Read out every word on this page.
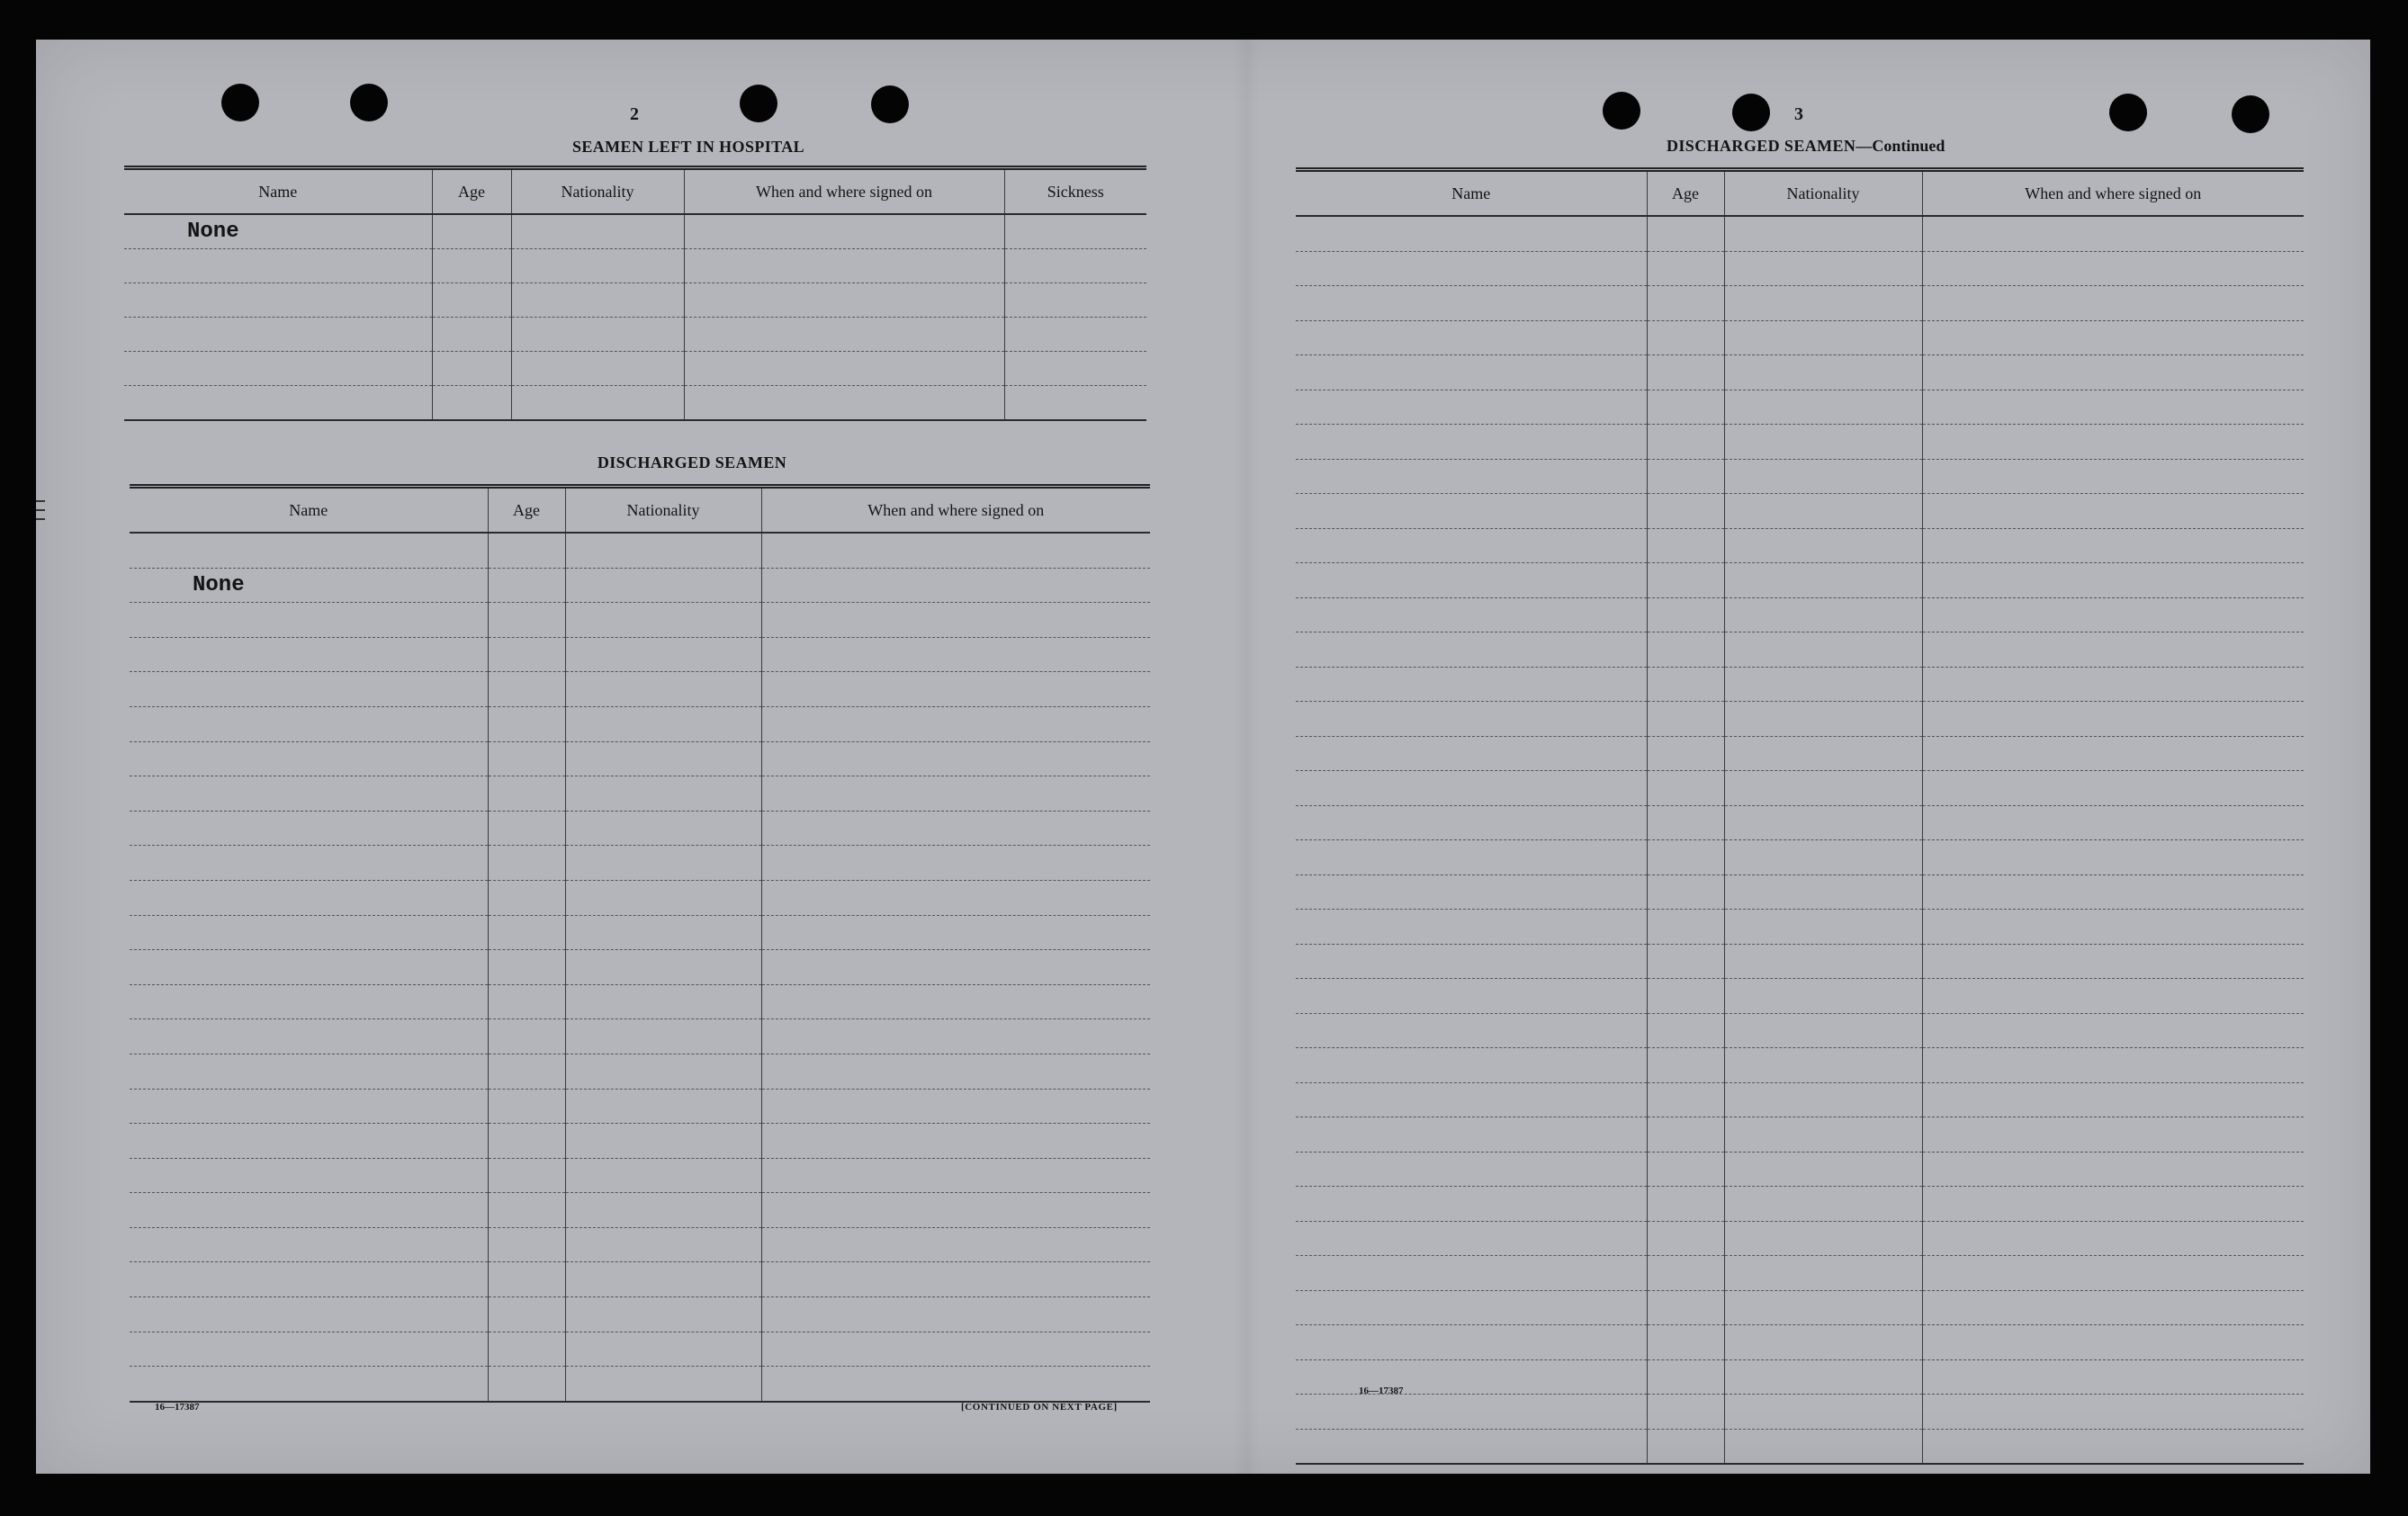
2
SEAMEN LEFT IN HOSPITAL
Name	Age	Nationality	When and where signed on	Sickness
None				

DISCHARGED SEAMEN
Name	Age	Nationality	When and where signed on

None			

16—17387	[CONTINUED ON NEXT PAGE]
3
DISCHARGED SEAMEN—Continued
Name	Age	Nationality	When and where signed on

16—17387
